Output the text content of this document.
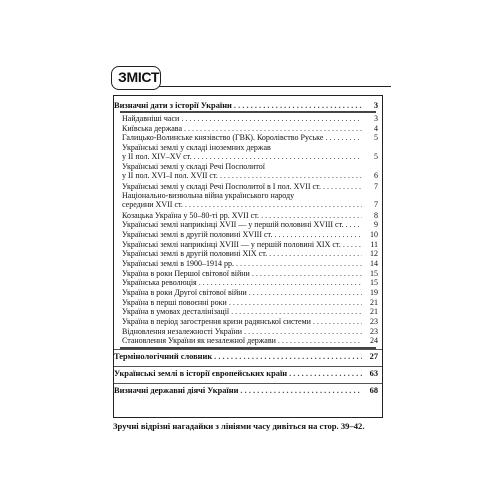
ЗМІСТ
Визначні дати з історії України . . .	3
Найдавніші часи . . .	3
Київська держава . . .	4
Галицько-Волинське князівство (ГВК). Королівство Руське . . .	5
Українські землі у складі іноземних держав
у II пол. XIV–XV ст. . . .	5
Українські землі у складі Речі Посполитої
у II пол. XVI–I пол. XVII ст. . . .	6
Українські землі у складі Речі Посполитої в І пол. XVII ст. . . .	7
Національно-визвольна війна українського народу
середини XVII ст. . . .	7
Козацька Україна у 50–80-ті рр. XVII ст. . . .	8
Українські землі наприкінці XVII — у першій половині XVIII ст. . . .	9
Українські землі в другій половині XVIII ст. . . .	10
Українські землі наприкінці XVIII — у першій половині XIX ст. . . .	11
Українські землі в другій половині XIX ст. . . .	12
Українські землі в 1900–1914 рр. . . .	14
Україна в роки Першої світової війни . . .	15
Українська революція . . .	15
Україна в роки Другої світової війни . . .	19
Україна в перші повоєнні роки . . .	21
Україна в умовах десталінізації . . .	21
Україна в період загострення кризи радянської системи . . .	23
Відновлення незалежності України . . .	23
Становлення України як незалежної держави . . .	24
Термінологічний словник . . .	27
Українські землі в історії європейських країн . . .	63
Визначні державні діячі України . . .	68
Зручні відрізні нагадайки з лініями часу дивіться на стор. 39–42.
